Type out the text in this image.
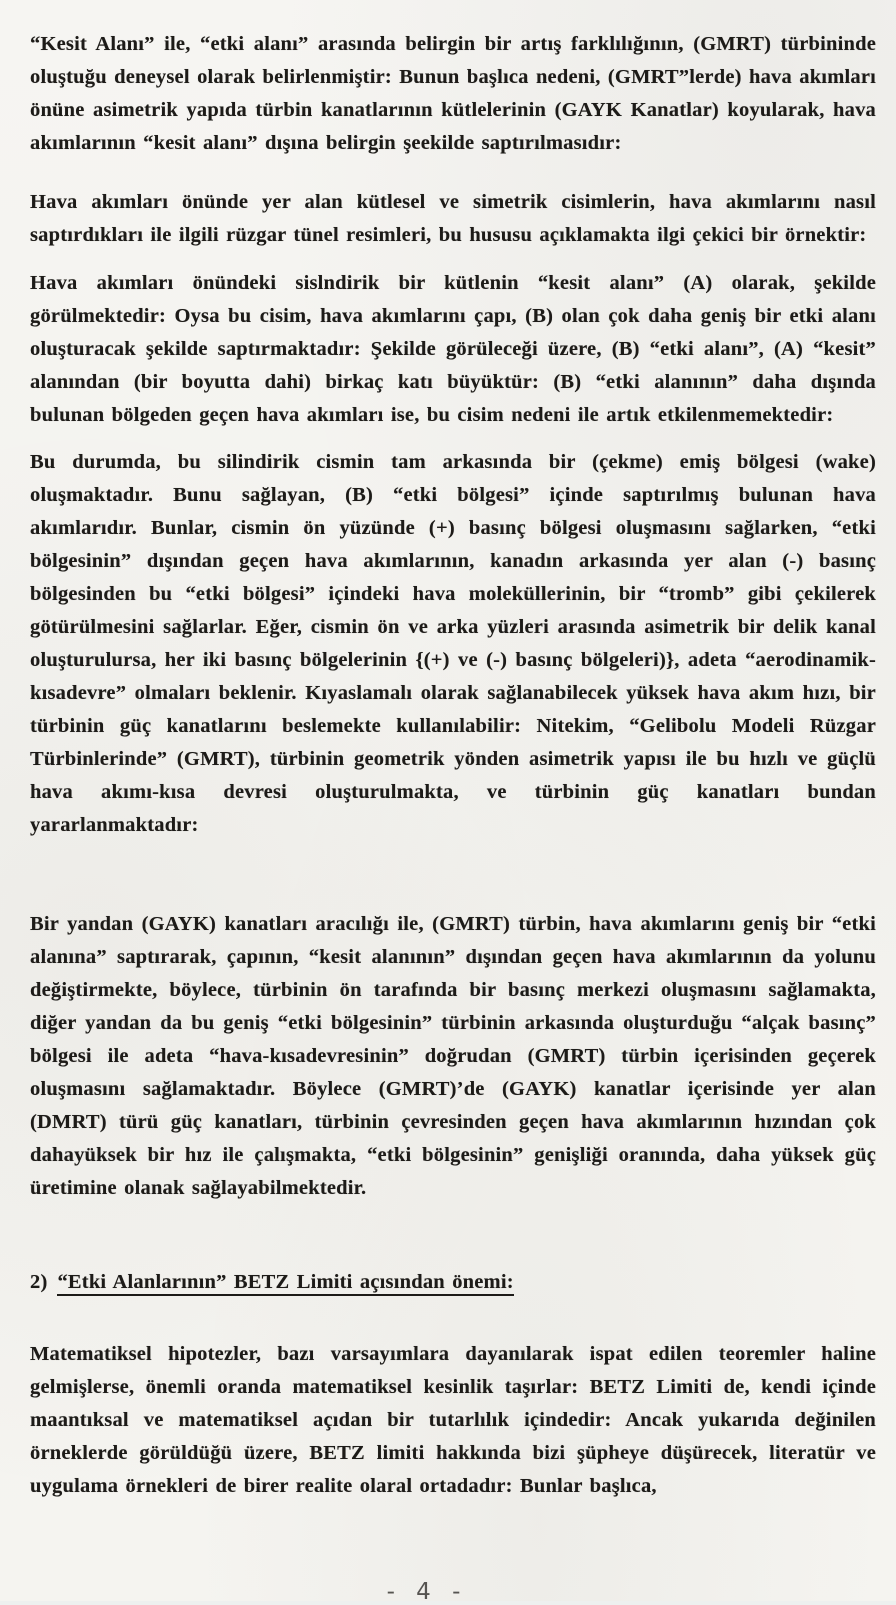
“Kesit Alanı” ile, “etki alanı” arasında belirgin bir artış farklılığının, (GMRT) türbininde oluştuğu deneysel olarak belirlenmiştir: Bunun başlıca nedeni, (GMRT”lerde) hava akımları önüne asimetrik yapıda türbin kanatlarının kütlelerinin (GAYK Kanatlar) koyularak, hava akımlarının “kesit alanı” dışına belirgin şeekilde saptırılmasıdır:

Hava akımları önünde yer alan kütlesel ve simetrik cisimlerin, hava akımlarını nasıl saptırdıkları ile ilgili rüzgar tünel resimleri, bu hususu açıklamakta ilgi çekici bir örnektir:

Hava akımları önündeki sislndirik bir kütlenin “kesit alanı” (A) olarak, şekilde görülmektedir: Oysa bu cisim, hava akımlarını çapı, (B) olan çok daha geniş bir etki alanı oluşturacak şekilde saptırmaktadır: Şekilde görüleceği üzere, (B) “etki alanı”, (A) “kesit” alanından (bir boyutta dahi) birkaç katı büyüktür: (B) “etki alanının” daha dışında bulunan bölgeden geçen hava akımları ise, bu cisim nedeni ile artık etkilenmemektedir:

Bu durumda, bu silindirik cismin tam arkasında bir (çekme) emiş bölgesi (wake) oluşmaktadır. Bunu sağlayan, (B) “etki bölgesi” içinde saptırılmış bulunan hava akımlarıdır. Bunlar, cismin ön yüzünde (+) basınç bölgesi oluşmasını sağlarken, “etki bölgesinin” dışından geçen hava akımlarının, kanadın arkasında yer alan (-) basınç bölgesinden bu “etki bölgesi” içindeki hava moleküllerinin, bir “tromb” gibi çekilerek götürülmesini sağlarlar. Eğer, cismin ön ve arka yüzleri arasında asimetrik bir delik kanal oluşturulursa, her iki basınç bölgelerinin {(+) ve (-) basınç bölgeleri)}, adeta “aerodinamik-kısadevre” olmaları beklenir. Kıyaslamalı olarak sağlanabilecek yüksek hava akım hızı, bir türbinin güç kanatlarını beslemekte kullanılabilir: Nitekim, “Gelibolu Modeli Rüzgar Türbinlerinde” (GMRT), türbinin geometrik yönden asimetrik yapısı ile bu hızlı ve güçlü hava akımı-kısa devresi oluşturulmakta, ve türbinin güç kanatları bundan yararlanmaktadır:

Bir yandan (GAYK) kanatları aracılığı ile, (GMRT) türbin, hava akımlarını geniş bir “etki alanına” saptırarak, çapının, “kesit alanının” dışından geçen hava akımlarının da yolunu değiştirmekte, böylece, türbinin ön tarafında bir basınç merkezi oluşmasını sağlamakta, diğer yandan da bu geniş “etki bölgesinin” türbinin arkasında oluşturduğu “alçak basınç” bölgesi ile adeta “hava-kısadevresinin” doğrudan (GMRT) türbin içerisinden geçerek oluşmasını sağlamaktadır. Böylece (GMRT)’de (GAYK) kanatlar içerisinde yer alan (DMRT) türü güç kanatları, türbinin çevresinden geçen hava akımlarının hızından çok dahayüksek bir hız ile çalışmakta, “etki bölgesinin” genişliği oranında, daha yüksek güç üretimine olanak sağlayabilmektedir.

2) “Etki Alanlarının” BETZ Limiti açısından önemi:

Matematiksel hipotezler, bazı varsayımlara dayanılarak ispat edilen teoremler haline gelmişlerse, önemli oranda matematiksel kesinlik taşırlar: BETZ Limiti de, kendi içinde maantıksal ve matematiksel açıdan bir tutarlılık içindedir: Ancak yukarıda değinilen örneklerde görüldüğü üzere, BETZ limiti hakkında bizi şüpheye düşürecek, literatür ve uygulama örnekleri de birer realite olaral ortadadır: Bunlar başlıca,

- 4 -
